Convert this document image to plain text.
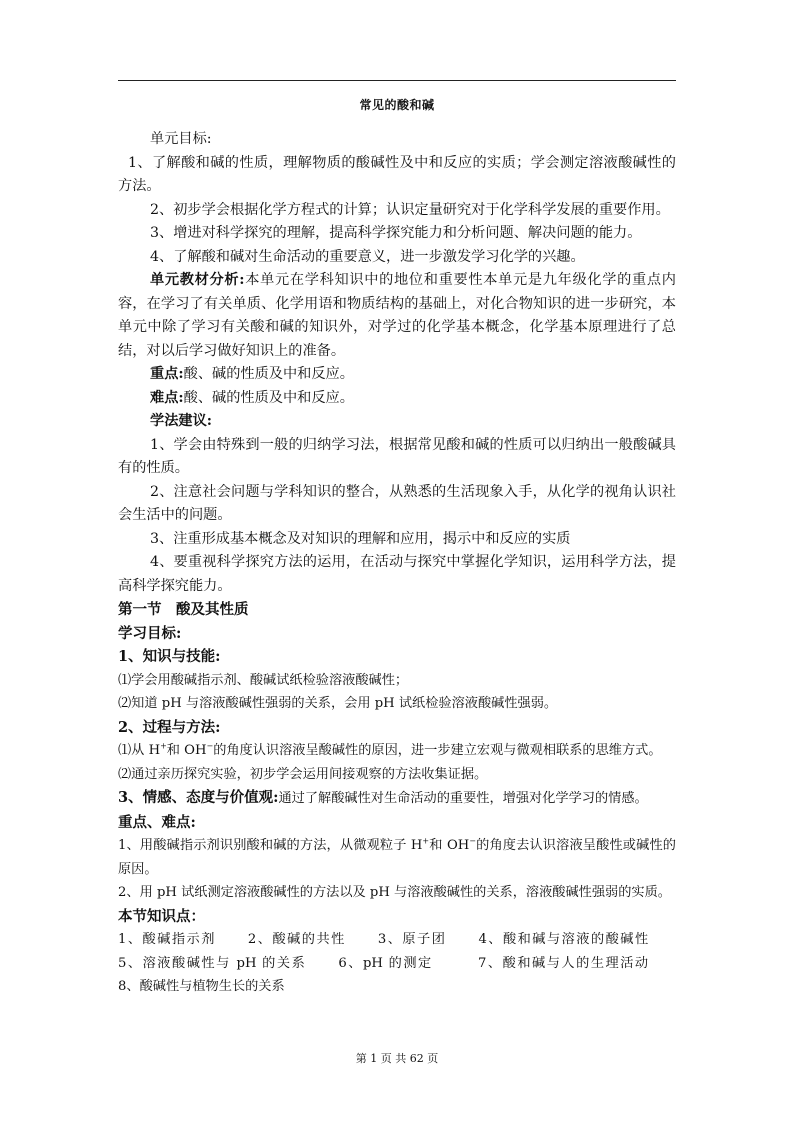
常见的酸和碱

单元目标:

1、了解酸和碱的性质，理解物质的酸碱性及中和反应的实质；学会测定溶液酸碱性的方法。

2、初步学会根据化学方程式的计算；认识定量研究对于化学科学发展的重要作用。

3、增进对科学探究的理解，提高科学探究能力和分析问题、解决问题的能力。

4、了解酸和碱对生命活动的重要意义，进一步激发学习化学的兴趣。

单元教材分析:本单元在学科知识中的地位和重要性本单元是九年级化学的重点内容，在学习了有关单质、化学用语和物质结构的基础上，对化合物知识的进一步研究，本单元中除了学习有关酸和碱的知识外，对学过的化学基本概念，化学基本原理进行了总结，对以后学习做好知识上的准备。

重点:酸、碱的性质及中和反应。

难点:酸、碱的性质及中和反应。

学法建议:

1、学会由特殊到一般的归纳学习法，根据常见酸和碱的性质可以归纳出一般酸碱具有的性质。

2、注意社会问题与学科知识的整合，从熟悉的生活现象入手，从化学的视角认识社会生活中的问题。

3、注重形成基本概念及对知识的理解和应用，揭示中和反应的实质

4、要重视科学探究方法的运用，在活动与探究中掌握化学知识，运用科学方法，提高科学探究能力。

第一节　酸及其性质

学习目标:

1、知识与技能:

⑴学会用酸碱指示剂、酸碱试纸检验溶液酸碱性；

⑵知道 pH 与溶液酸碱性强弱的关系，会用 pH 试纸检验溶液酸碱性强弱。

2、过程与方法:

⑴从 H+和 OH−的角度认识溶液呈酸碱性的原因，进一步建立宏观与微观相联系的思维方式。

⑵通过亲历探究实验，初步学会运用间接观察的方法收集证据。

3、情感、态度与价值观:通过了解酸碱性对生命活动的重要性，增强对化学学习的情感。

重点、难点:

1、用酸碱指示剂识别酸和碱的方法，从微观粒子 H+和 OH−的角度去认识溶液呈酸性或碱性的原因。

2、用 pH 试纸测定溶液酸碱性的方法以及 pH 与溶液酸碱性的关系，溶液酸碱性强弱的实质。

本节知识点：

1、酸碱指示剂   2、酸碱的共性   3、原子团   4、酸和碱与溶液的酸碱性   5、溶液酸碱性与 pH 的关系   6、pH 的测定   	7、酸和碱与人的生理活动   8、酸碱性与植物生长的关系

第 1 页 共 62 页
